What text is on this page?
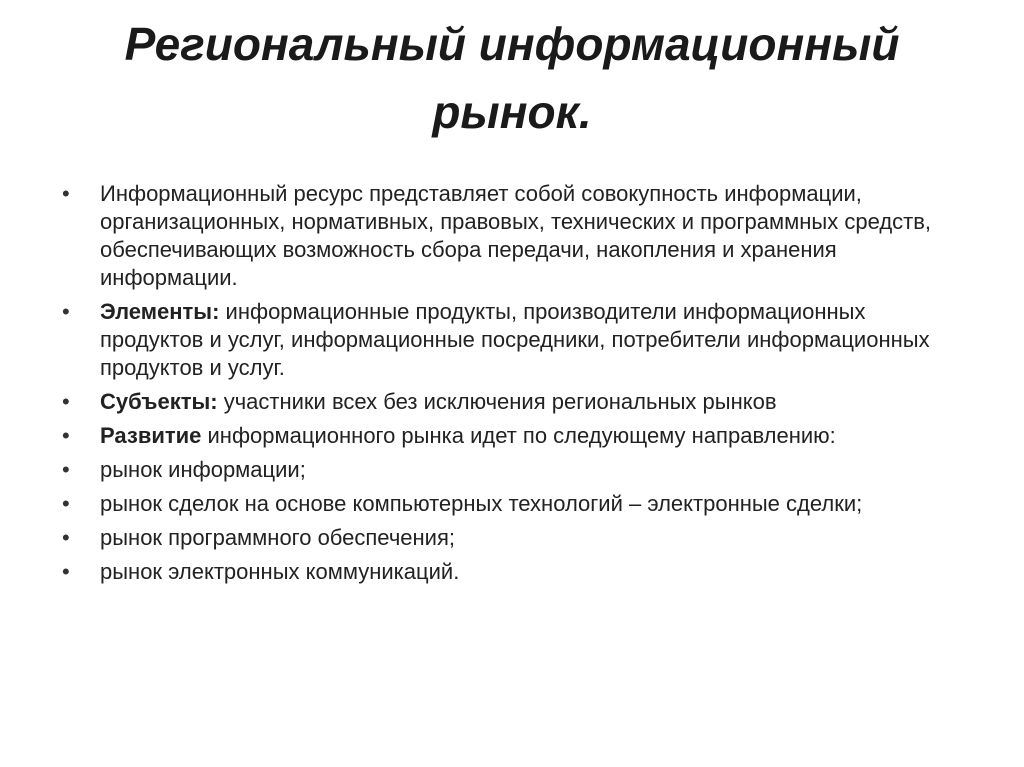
Региональный информационный рынок.
• Информационный ресурс представляет собой совокупность информации, организационных, нормативных, правовых, технических и программных средств, обеспечивающих возможность сбора передачи, накопления и хранения информации.
• Элементы: информационные продукты, производители информационных продуктов и услуг, информационные посредники, потребители информационных продуктов и услуг.
• Субъекты: участники всех без исключения региональных рынков
• Развитие информационного рынка идет по следующему направлению:
• рынок информации;
• рынок сделок на основе компьютерных технологий – электронные сделки;
• рынок программного обеспечения;
• рынок электронных коммуникаций.
